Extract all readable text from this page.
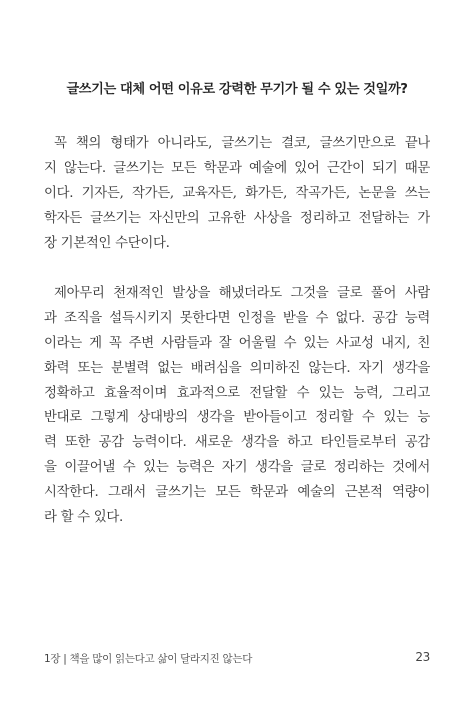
글쓰기는 대체 어떤 이유로 강력한 무기가 될 수 있는 것일까?
꼭 책의 형태가 아니라도, 글쓰기는 결코, 글쓰기만으로 끝나
지 않는다. 글쓰기는 모든 학문과 예술에 있어 근간이 되기 때문
이다. 기자든, 작가든, 교육자든, 화가든, 작곡가든, 논문을 쓰는
학자든 글쓰기는 자신만의 고유한 사상을 정리하고 전달하는 가
장 기본적인 수단이다.
제아무리 천재적인 발상을 해냈더라도 그것을 글로 풀어 사람
과 조직을 설득시키지 못한다면 인정을 받을 수 없다. 공감 능력
이라는 게 꼭 주변 사람들과 잘 어울릴 수 있는 사교성 내지, 친
화력 또는 분별력 없는 배려심을 의미하진 않는다. 자기 생각을
정확하고 효율적이며 효과적으로 전달할 수 있는 능력, 그리고
반대로 그렇게 상대방의 생각을 받아들이고 정리할 수 있는 능
력 또한 공감 능력이다. 새로운 생각을 하고 타인들로부터 공감
을 이끌어낼 수 있는 능력은 자기 생각을 글로 정리하는 것에서
시작한다. 그래서 글쓰기는 모든 학문과 예술의 근본적 역량이
라 할 수 있다.
1장 | 책을 많이 읽는다고 삶이 달라지진 않는다	23
